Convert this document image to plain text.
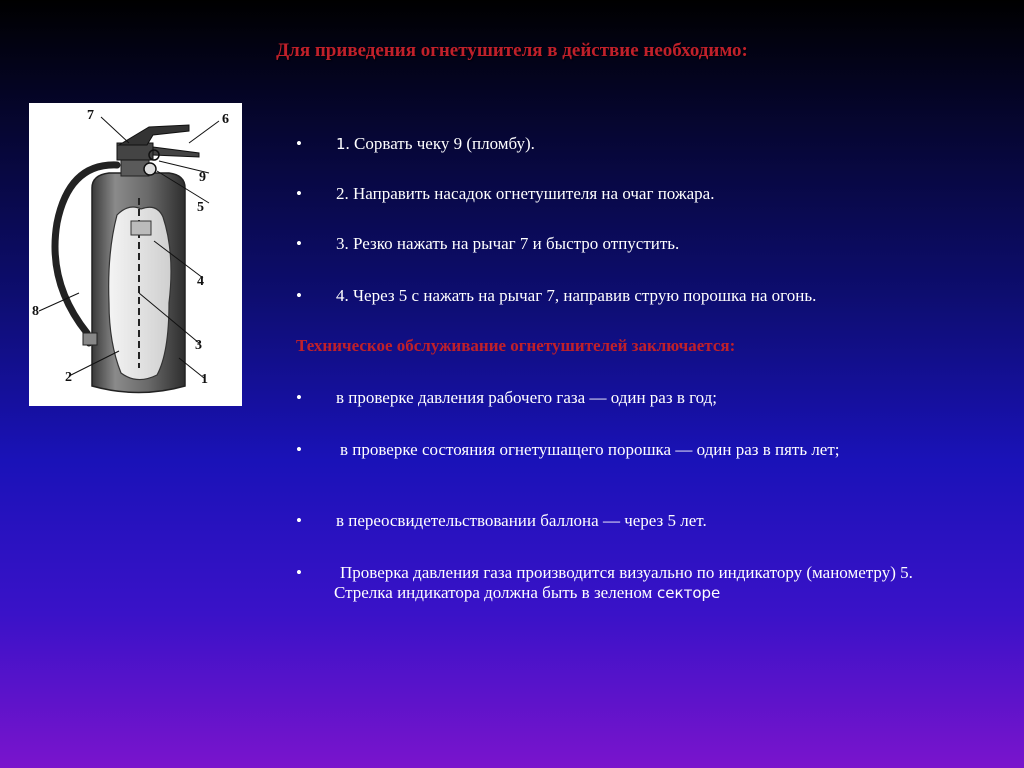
Для приведения огнетушителя в действие необходимо:
7	6
9
5
4
8
3
2	1
•	1. Сорвать чеку 9 (пломбу).
•	2. Направить насадок огнетушителя на очаг пожара.
•	3. Резко нажать на рычаг 7 и быстро отпустить.
•	4. Через 5 с нажать на рычаг 7, направив струю порошка на огонь.
Техническое обслуживание огнетушителей заключается:
•	в проверке давления рабочего газа — один раз в год;
•	в проверке состояния огнетушащего порошка — один раз в пять лет;
•	в переосвидетельствовании баллона — через 5 лет.
•	Проверка давления газа производится визуально по индикатору (манометру) 5. Стрелка индикатора должна быть в зеленом секторе
